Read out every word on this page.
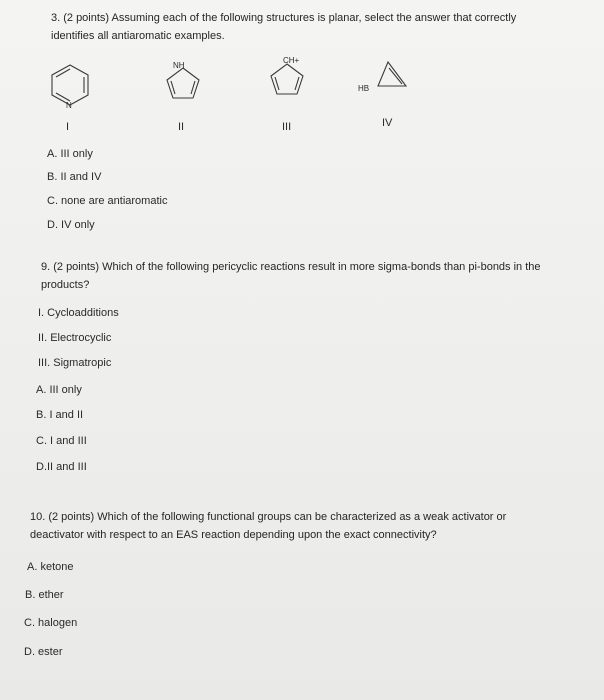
3. (2 points) Assuming each of the following structures is planar, select the answer that correctly
identifies all antiaromatic examples.
N
I
NH
II
CH+
III
HB
IV
A. III only
B. II and IV
C. none are antiaromatic
D. IV only
9. (2 points) Which of the following pericyclic reactions result in more sigma-bonds than pi-bonds in the
products?
I. Cycloadditions
II. Electrocyclic
III. Sigmatropic
A. III only
B. I and II
C. I and III
D.II and III
10. (2 points) Which of the following functional groups can be characterized as a weak activator or
deactivator with respect to an EAS reaction depending upon the exact connectivity?
A. ketone
B. ether
C. halogen
D. ester
